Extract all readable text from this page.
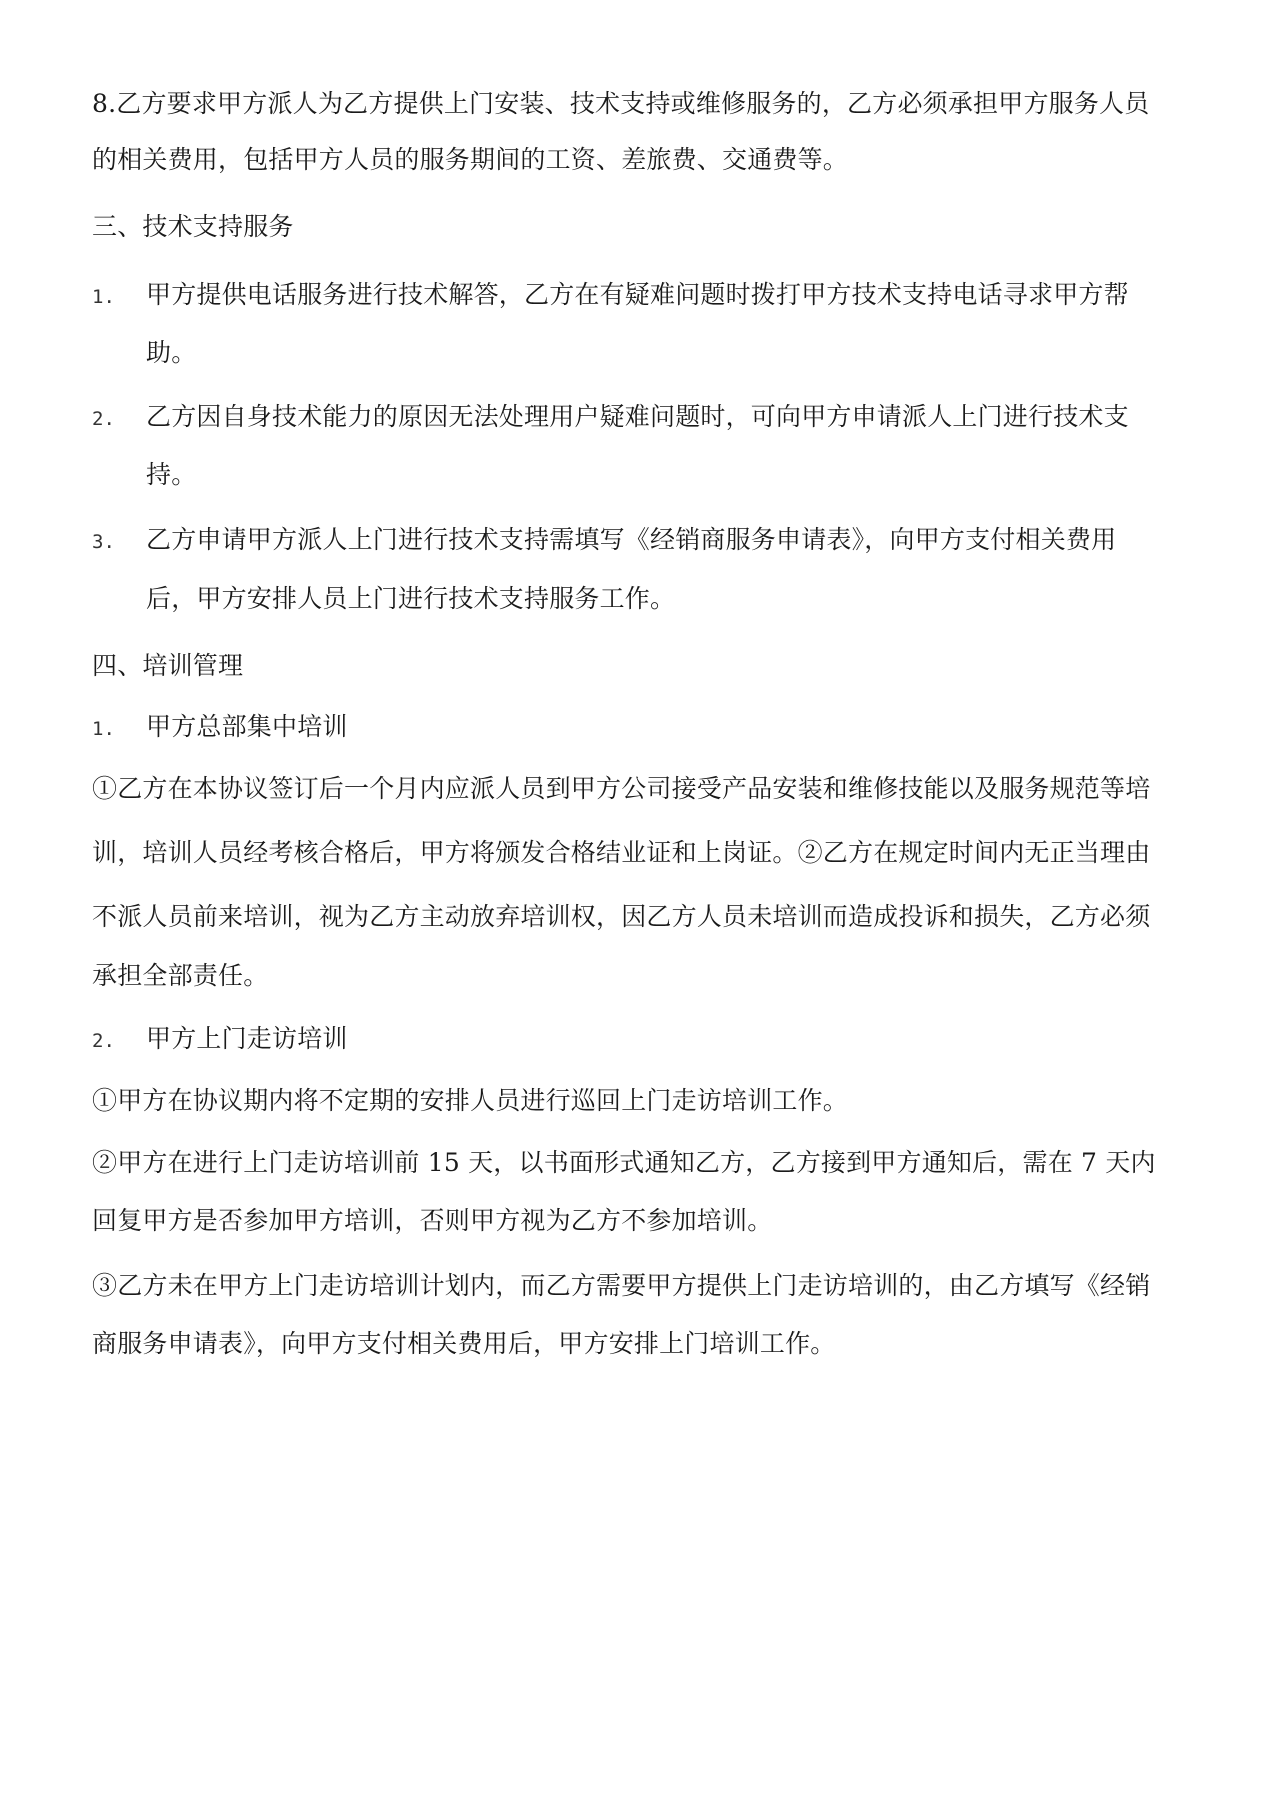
8.乙方要求甲方派人为乙方提供上门安装、技术支持或维修服务的，乙方必须承担甲方服务人员
的相关费用，包括甲方人员的服务期间的工资、差旅费、交通费等。
三、技术支持服务
1. 甲方提供电话服务进行技术解答，乙方在有疑难问题时拨打甲方技术支持电话寻求甲方帮
助。
2. 乙方因自身技术能力的原因无法处理用户疑难问题时，可向甲方申请派人上门进行技术支
持。
3. 乙方申请甲方派人上门进行技术支持需填写《经销商服务申请表》，向甲方支付相关费用
后，甲方安排人员上门进行技术支持服务工作。
四、培训管理
1. 甲方总部集中培训
①乙方在本协议签订后一个月内应派人员到甲方公司接受产品安装和维修技能以及服务规范等培
训，培训人员经考核合格后，甲方将颁发合格结业证和上岗证。②乙方在规定时间内无正当理由
不派人员前来培训，视为乙方主动放弃培训权，因乙方人员未培训而造成投诉和损失，乙方必须
承担全部责任。
2. 甲方上门走访培训
①甲方在协议期内将不定期的安排人员进行巡回上门走访培训工作。
②甲方在进行上门走访培训前 15 天，以书面形式通知乙方，乙方接到甲方通知后，需在 7 天内
回复甲方是否参加甲方培训，否则甲方视为乙方不参加培训。
③乙方未在甲方上门走访培训计划内，而乙方需要甲方提供上门走访培训的，由乙方填写《经销
商服务申请表》，向甲方支付相关费用后，甲方安排上门培训工作。
